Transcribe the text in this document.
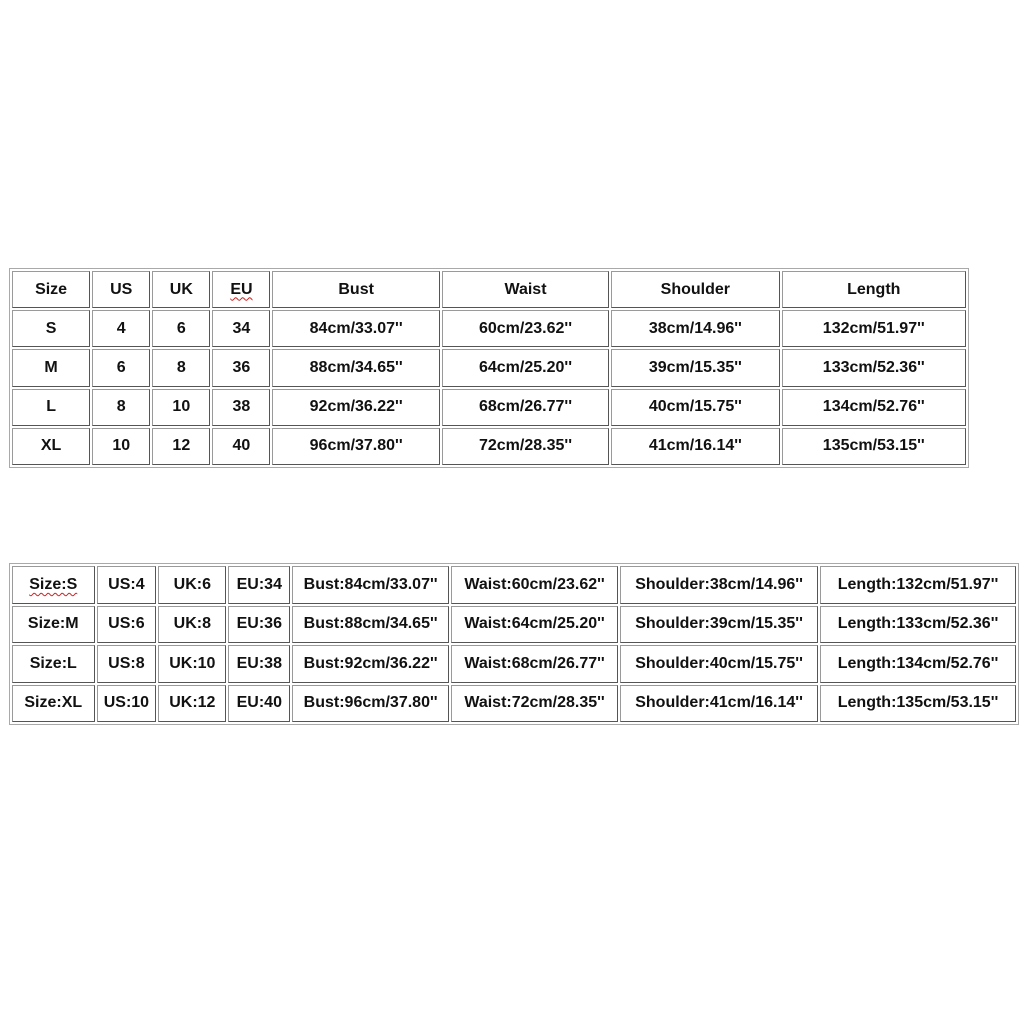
Size	US	UK	EU	Bust	Waist	Shoulder	Length
S	4	6	34	84cm/33.07''	60cm/23.62''	38cm/14.96''	132cm/51.97''
M	6	8	36	88cm/34.65''	64cm/25.20''	39cm/15.35''	133cm/52.36''
L	8	10	38	92cm/36.22''	68cm/26.77''	40cm/15.75''	134cm/52.76''
XL	10	12	40	96cm/37.80''	72cm/28.35''	41cm/16.14''	135cm/53.15''
Size:S	US:4	UK:6	EU:34	Bust:84cm/33.07''	Waist:60cm/23.62''	Shoulder:38cm/14.96''	Length:132cm/51.97''
Size:M	US:6	UK:8	EU:36	Bust:88cm/34.65''	Waist:64cm/25.20''	Shoulder:39cm/15.35''	Length:133cm/52.36''
Size:L	US:8	UK:10	EU:38	Bust:92cm/36.22''	Waist:68cm/26.77''	Shoulder:40cm/15.75''	Length:134cm/52.76''
Size:XL	US:10	UK:12	EU:40	Bust:96cm/37.80''	Waist:72cm/28.35''	Shoulder:41cm/16.14''	Length:135cm/53.15''
